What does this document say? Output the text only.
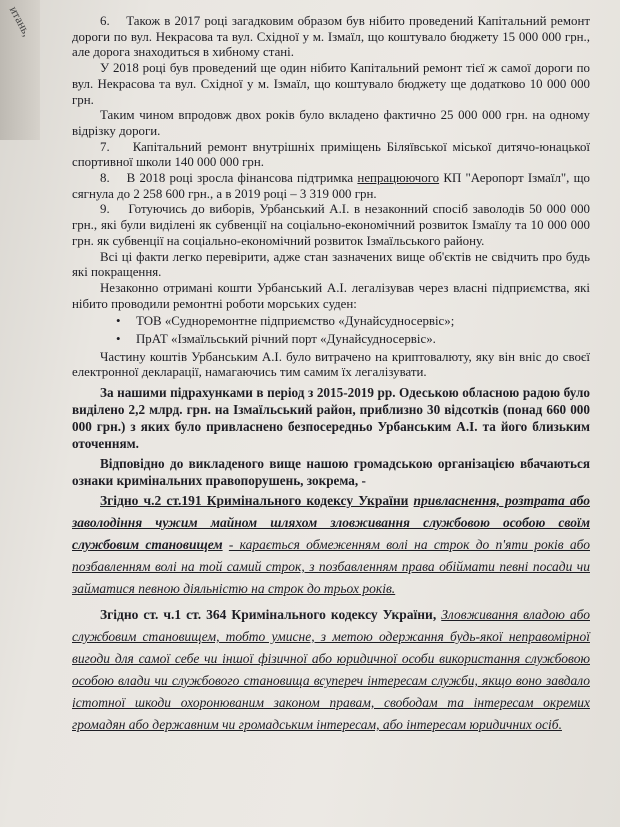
итань,	6.    Також в 2017 році загадковим образом був нібито проведений Капітальний ремонт дороги по вул. Некрасова та вул. Східної у м. Ізмаїл, що коштувало бюджету 15 000 000 грн., але дорога знаходиться в хибному стані.

У 2018 році був проведений ще один нібито Капітальний ремонт тієї ж самої дороги по вул. Некрасова та вул. Східної у м. Ізмаїл, що коштувало бюджету ще додатково 10 000 000 грн.

Таким чином впродовж двох років було вкладено фактично 25 000 000 грн. на одному відрізку дороги.

7.    Капітальний ремонт внутрішніх приміщень Біляївської міської дитячо-юнацької спортивної школи 140 000 000 грн.

8.    В 2018 році зросла фінансова підтримка непрацюючого КП "Аеропорт Ізмаїл", що сягнула до 2 258 600 грн., а в 2019 році – 3 319 000 грн.

9.    Готуючись до виборів, Урбанський А.І. в незаконний спосіб заволодів 50 000 000 грн., які були виділені як субвенції на соціально-економічний розвиток Ізмаїлу та 10 000 000 грн. як субвенції на соціально-економічний розвиток Ізмаїльського району.

Всі ці факти легко перевірити, адже стан зазначених вище об'єктів не свідчить про будь які покращення.

Незаконно отримані кошти Урбанський А.І. легалізував через власні підприємства, які нібито проводили ремонтні роботи морських суден:

• ТОВ «Судноремонтне підприємство «Дунайсудносервіс»;

• ПрАТ «Ізмаїльський річний порт «Дунайсудносервіс».

Частину коштів Урбанським А.І. було витрачено на криптовалюту, яку він вніс до своєї електронної декларації, намагаючись тим самим їх легалізувати.

За нашими підрахунками в період з 2015-2019 рр. Одеською обласною радою було виділено 2,2 млрд. грн. на Ізмаїльський район, приблизно 30 відсотків (понад 660 000 000 грн.) з яких було привласнено безпосередньо Урбанським А.І. та його близьким оточенням.

Відповідно до викладеного вище нашою громадською організацією вбачаються ознаки кримінальних правопорушень, зокрема, -

Згідно ч.2 ст.191 Кримінального кодексу України привласнення, розтрата або заволодіння чужим майном шляхом зловживання службовою особою своїм службовим становищем - карається обмеженням волі на строк до п'яти років або позбавленням волі на той самий строк, з позбавленням права обіймати певні посади чи займатися певною діяльністю на строк до трьох років.

Згідно ст. ч.1 ст. 364 Кримінального кодексу України, Зловживання владою або службовим становищем, тобто умисне, з метою одержання будь-якої неправомірної вигоди для самої себе чи іншої фізичної або юридичної особи використання службовою особою влади чи службового становища всупереч інтересам служби, якщо воно завдало істотної шкоди охоронюваним законом правам, свободам та інтересам окремих громадян або державним чи громадським інтересам, або інтересам юридичних осіб.
